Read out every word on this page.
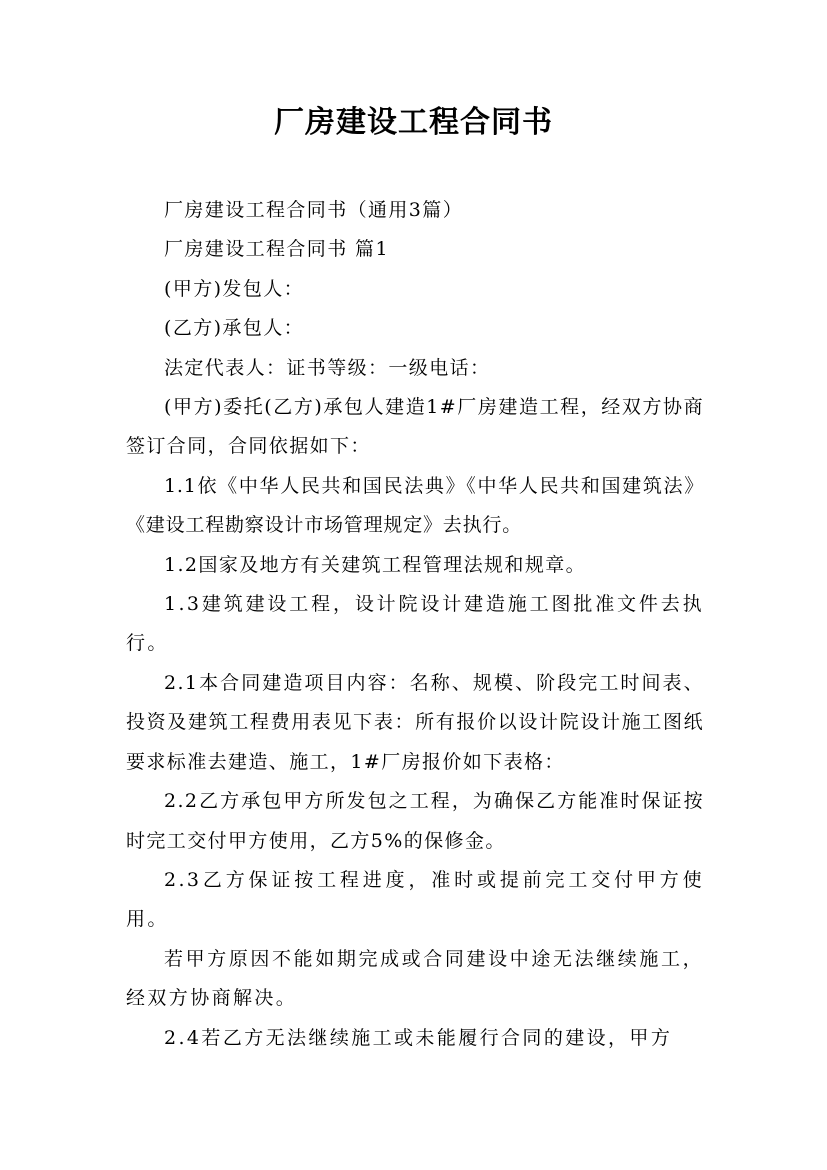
厂房建设工程合同书

厂房建设工程合同书（通用3篇）

厂房建设工程合同书 篇1

(甲方)发包人：

(乙方)承包人：

法定代表人：证书等级：一级电话：

(甲方)委托(乙方)承包人建造1#厂房建造工程，经双方协商签订合同，合同依据如下：

1.1依《中华人民共和国民法典》《中华人民共和国建筑法》《建设工程勘察设计市场管理规定》去执行。

1.2国家及地方有关建筑工程管理法规和规章。

1.3建筑建设工程，设计院设计建造施工图批准文件去执行。

2.1本合同建造项目内容：名称、规模、阶段完工时间表、投资及建筑工程费用表见下表：所有报价以设计院设计施工图纸要求标准去建造、施工，1#厂房报价如下表格：

2.2乙方承包甲方所发包之工程，为确保乙方能准时保证按时完工交付甲方使用，乙方5%的保修金。

2.3乙方保证按工程进度，准时或提前完工交付甲方使用。

若甲方原因不能如期完成或合同建设中途无法继续施工，经双方协商解决。

2.4若乙方无法继续施工或未能履行合同的建设，甲方
